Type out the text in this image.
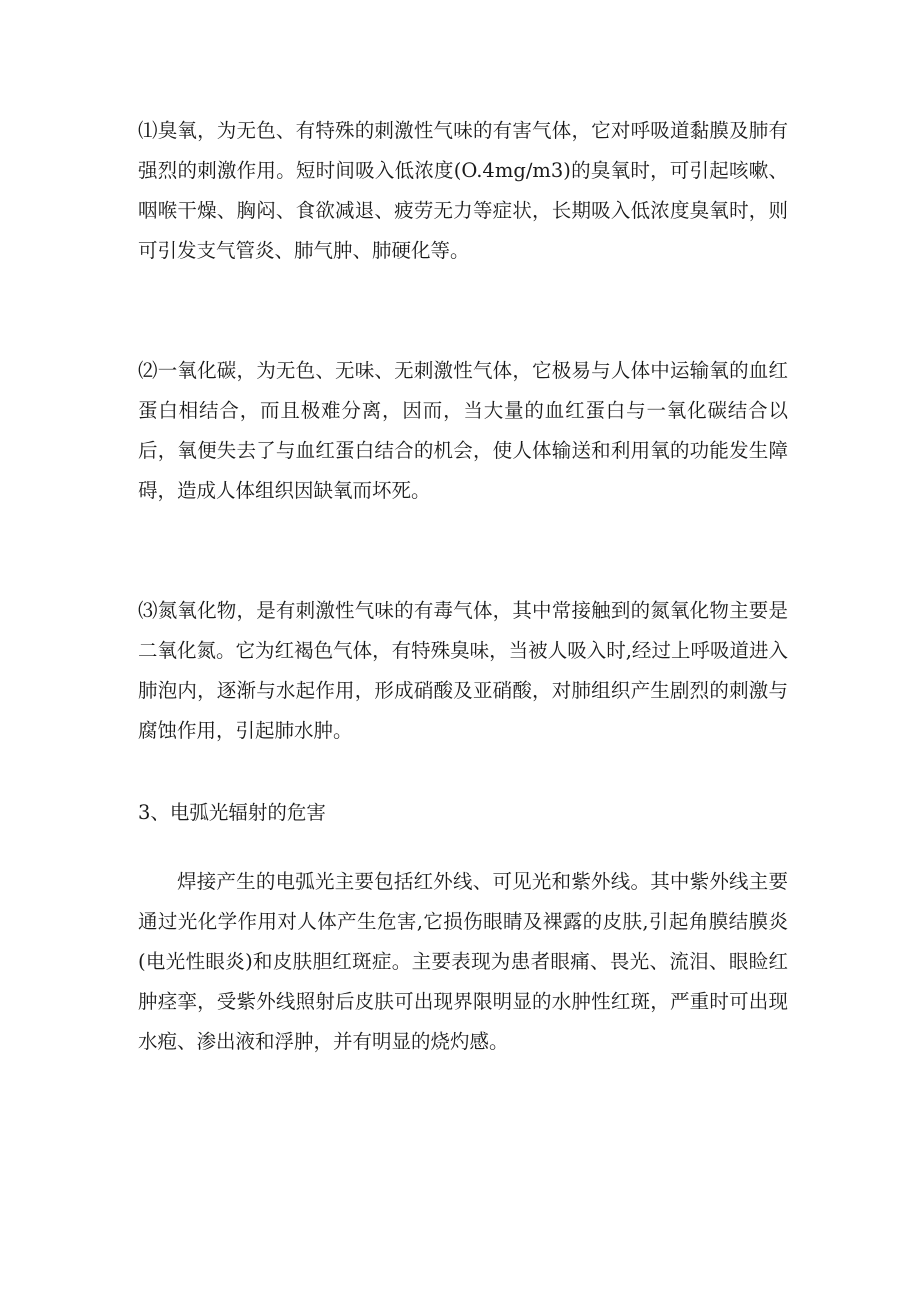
⑴臭氧，为无色、有特殊的刺激性气味的有害气体，它对呼吸道黏膜及肺有强烈的刺激作用。短时间吸入低浓度(O.4mg∕m3)的臭氧时，可引起咳嗽、咽喉干燥、胸闷、食欲减退、疲劳无力等症状，长期吸入低浓度臭氧时，则可引发支气管炎、肺气肿、肺硬化等。

⑵一氧化碳，为无色、无味、无刺激性气体，它极易与人体中运输氧的血红蛋白相结合，而且极难分离，因而，当大量的血红蛋白与一氧化碳结合以后，氧便失去了与血红蛋白结合的机会，使人体输送和利用氧的功能发生障碍，造成人体组织因缺氧而坏死。

⑶氮氧化物，是有刺激性气味的有毒气体，其中常接触到的氮氧化物主要是二氧化氮。它为红褐色气体，有特殊臭味，当被人吸入时,经过上呼吸道进入肺泡内，逐渐与水起作用，形成硝酸及亚硝酸，对肺组织产生剧烈的刺激与腐蚀作用，引起肺水肿。

3、电弧光辐射的危害

焊接产生的电弧光主要包括红外线、可见光和紫外线。其中紫外线主要通过光化学作用对人体产生危害,它损伤眼睛及裸露的皮肤,引起角膜结膜炎(电光性眼炎)和皮肤胆红斑症。主要表现为患者眼痛、畏光、流泪、眼睑红肿痉挛，受紫外线照射后皮肤可出现界限明显的水肿性红斑，严重时可出现水疱、渗出液和浮肿，并有明显的烧灼感。
